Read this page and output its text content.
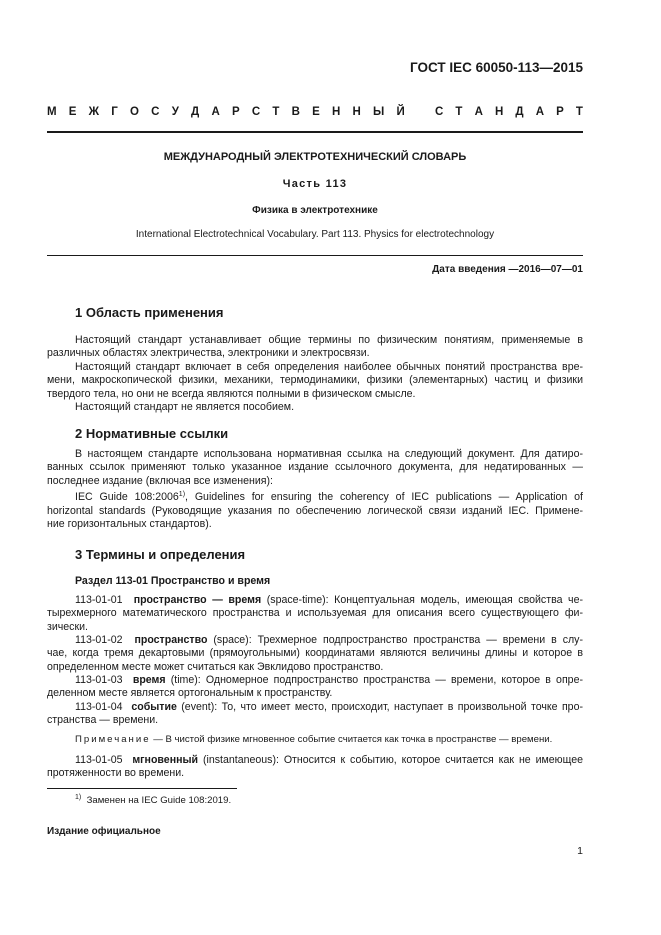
ГОСТ IEC 60050-113—2015
М Е Ж Г О С У Д А Р С Т В Е Н Н Ы Й	С Т А Н Д А Р Т
МЕЖДУНАРОДНЫЙ ЭЛЕКТРОТЕХНИЧЕСКИЙ СЛОВАРЬ
Часть 113
Физика в электротехнике
International Electrotechnical Vocabulary. Part 113. Physics for electrotechnology
Дата введения —2016—07—01
1 Область применения
Настоящий стандарт устанавливает общие термины по физическим понятиям, применяемые в
различных областях электричества, электроники и электросвязи.
Настоящий стандарт включает в себя определения наиболее обычных понятий пространства вре-
мени, макроскопической физики, механики, термодинамики, физики (элементарных) частиц и физики
твердого тела, но они не всегда являются полными в физическом смысле.
Настоящий стандарт не является пособием.
2 Нормативные ссылки
В настоящем стандарте использована нормативная ссылка на следующий документ. Для датиро-
ванных ссылок применяют только указанное издание ссылочного документа, для недатированных —
последнее издание (включая все изменения):
IEC Guide 108:2006$^{1)}$, Guidelines for ensuring the coherency of IEC publications — Application of
horizontal standards (Руководящие указания по обеспечению логической связи изданий IEC. Примене-
ние горизонтальных стандартов).
3 Термины и определения
Раздел 113-01 Пространство и время
113-01-01 пространство — время (space-time): Концептуальная модель, имеющая свойства че-
тырехмерного математического пространства и используемая для описания всего существующего фи-
зически.
113-01-02 пространство (space): Трехмерное подпространство пространства — времени в слу-
чае, когда тремя декартовыми (прямоугольными) координатами являются величины длины и которое в
определенном месте может считаться как Эвклидово пространство.
113-01-03 время (time): Одномерное подпространство пространства — времени, которое в опре-
деленном месте является ортогональным к пространству.
113-01-04 событие (event): То, что имеет место, происходит, наступает в произвольной точке про-
странства — времени.
Примечание — В чистой физике мгновенное событие считается как точка в пространстве — времени.
113-01-05 мгновенный (instantaneous): Относится к событию, которое считается как не имеющее
протяженности во времени.
$^{1)}$ Заменен на IEC Guide 108:2019.
Издание официальное
1
